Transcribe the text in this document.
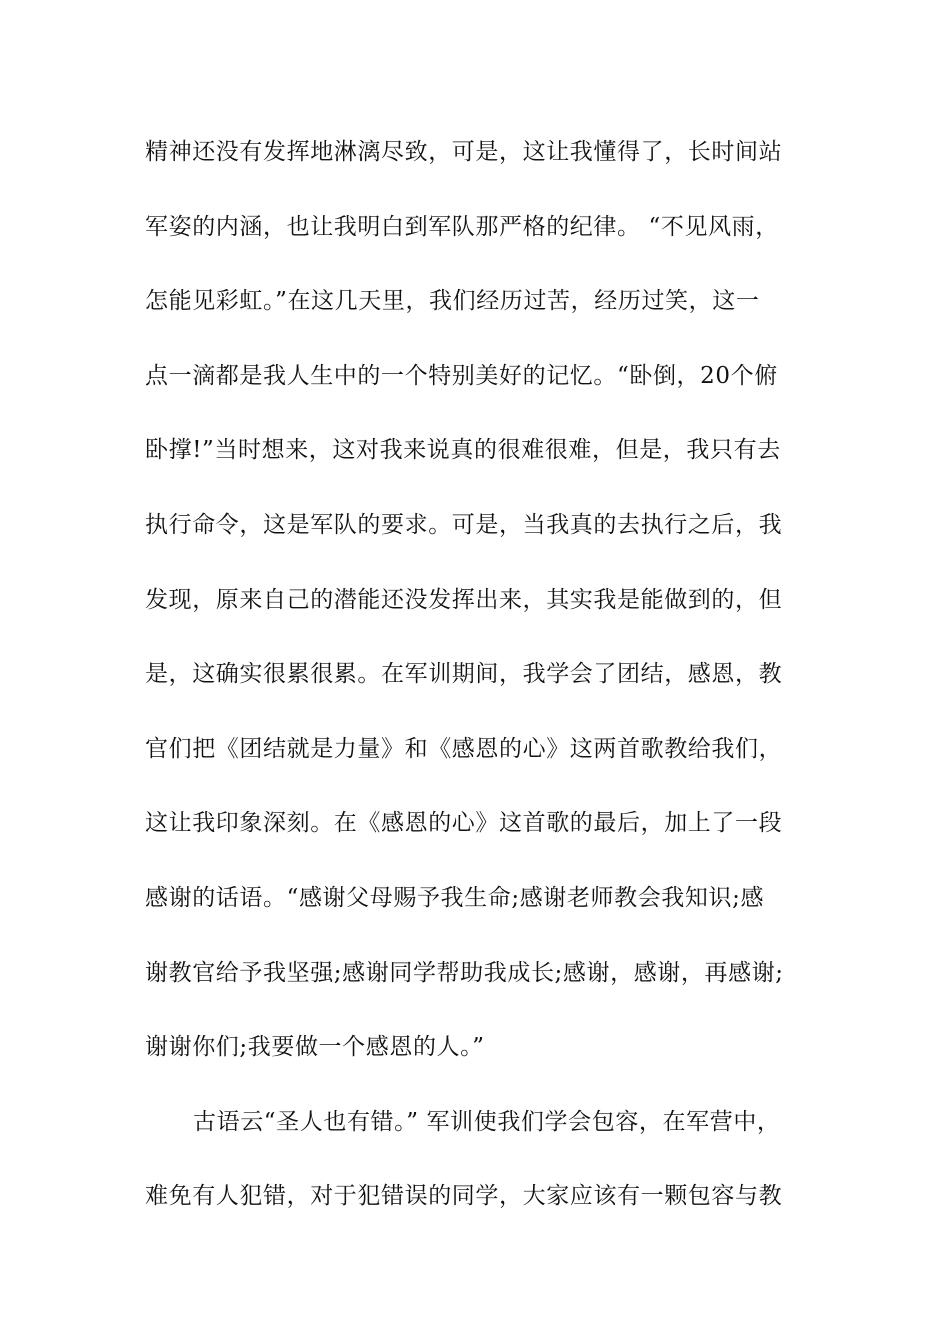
精神还没有发挥地淋漓尽致，可是，这让我懂得了，长时间站
军姿的内涵，也让我明白到军队那严格的纪律。 “不见风雨，
怎能见彩虹。”在这几天里，我们经历过苦，经历过笑，这一
点一滴都是我人生中的一个特别美好的记忆。“卧倒，20个俯
卧撑!”当时想来，这对我来说真的很难很难，但是，我只有去
执行命令，这是军队的要求。可是，当我真的去执行之后，我
发现，原来自己的潜能还没发挥出来，其实我是能做到的，但
是，这确实很累很累。在军训期间，我学会了团结，感恩，教
官们把《团结就是力量》和《感恩的心》这两首歌教给我们，
这让我印象深刻。在《感恩的心》这首歌的最后，加上了一段
感谢的话语。“感谢父母赐予我生命;感谢老师教会我知识;感
谢教官给予我坚强;感谢同学帮助我成长;感谢，感谢，再感谢;
谢谢你们;我要做一个感恩的人。”
古语云“圣人也有错。” 军训使我们学会包容，在军营中，
难免有人犯错，对于犯错误的同学，大家应该有一颗包容与教
